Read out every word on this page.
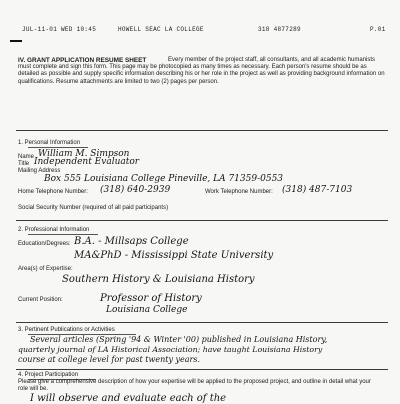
JUL-11-01 WED 10:45	HOWELL SEAC LA COLLEGE	318 4877289	P.01
IV. GRANT APPLICATION RESUME SHEET	Every member of the project staff, all consultants, and all academic humanists must complete and sign this form. This page may be photocopied as many times as necessary. Each person's resume should be as detailed as possible and supply specific information describing his or her role in the project as well as providing background information on qualifications. Resume attachments are limited to two (2) pages per person.
1. Personal Information
Name William M. Simpson
Title Independent Evaluator
Mailing Address
Box 555 Louisiana College Pineville, LA 71359-0553
Home Telephone Number: (318) 640-2939	Work Telephone Number: (318) 487-7103
Social Security Number (required of all paid participants)
2. Professional Information
Education/Degrees: B.A. - Millsaps College
MA&PhD - Mississippi State University
Area(s) of Expertise:
Southern History & Louisiana History
Current Position:	Professor of History
Louisiana College
3. Pertinent Publications or Activities
Several articles (Spring '94 & Winter '00) published in Louisiana History,
quarterly journal of LA Historical Association; have taught Louisiana History
course at college level for past twenty years.
4. Project Participation
Please give a comprehensive description of how your expertise will be applied to the proposed project, and outline in detail what your role will be.
I will observe and evaluate each of the
